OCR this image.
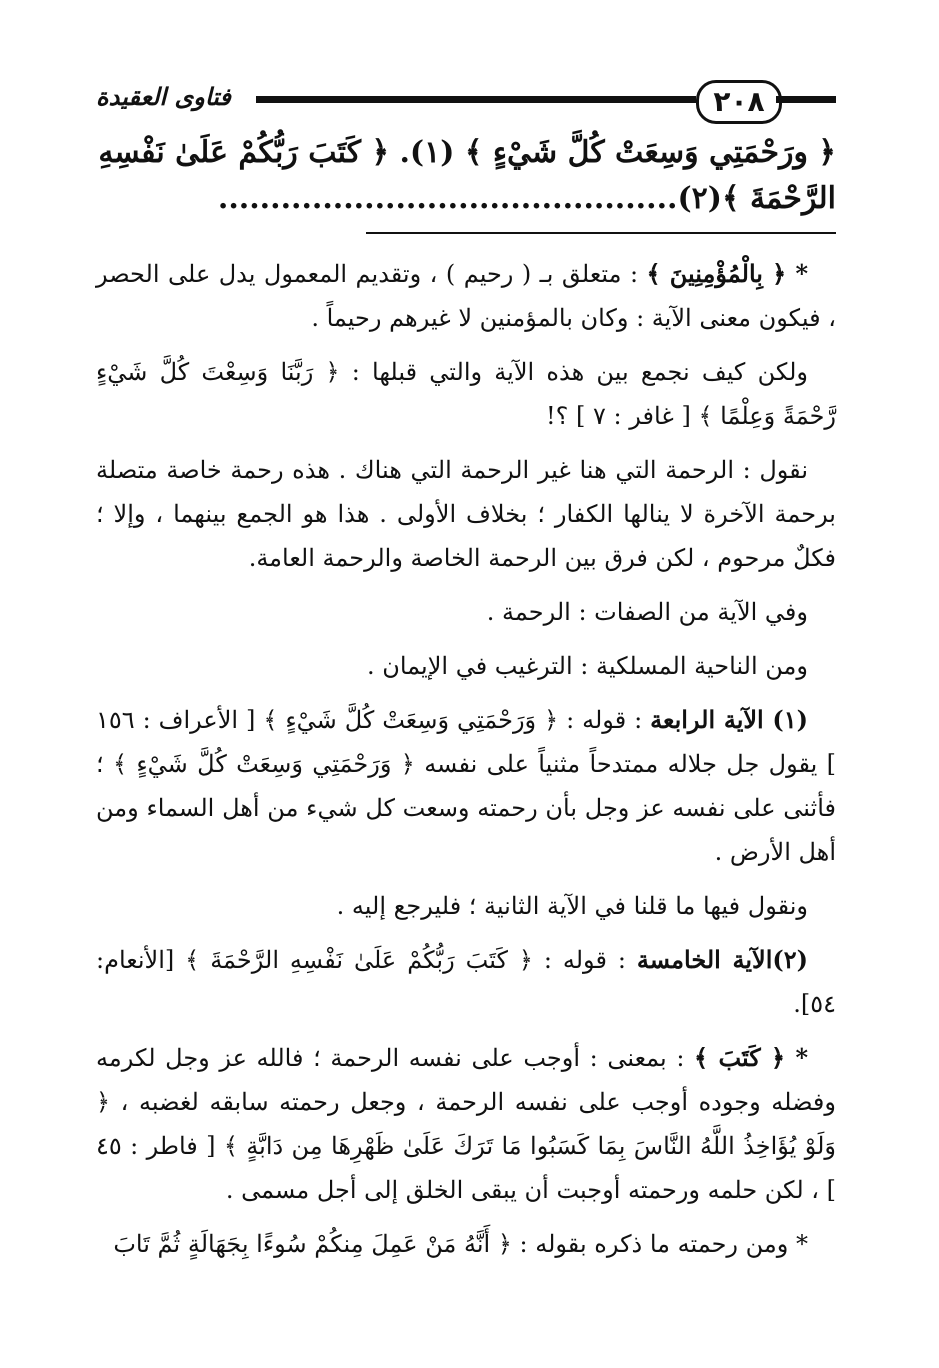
فتاوى العقيدة	٢٠٨

﴿ ورَحْمَتِي وَسِعَتْ كُلَّ شَيْءٍ ﴾ (١). ﴿ كَتَبَ رَبُّكُمْ عَلَىٰ نَفْسِهِ

الرَّحْمَةَ ﴾(٢)............................................

* ﴿ بِالْمُؤْمِنِينَ ﴾ : متعلق بـ ( رحيم ) ، وتقديم المعمول يدل على الحصر ، فيكون معنى الآية : وكان بالمؤمنين لا غيرهم رحيماً .

ولكن كيف نجمع بين هذه الآية والتي قبلها : ﴿ رَبَّنَا وَسِعْتَ كُلَّ شَيْءٍ رَّحْمَةً وَعِلْمًا ﴾ [ غافر : ٧ ] ؟!

نقول : الرحمة التي هنا غير الرحمة التي هناك . هذه رحمة خاصة متصلة برحمة الآخرة لا ينالها الكفار ؛ بخلاف الأولى . هذا هو الجمع بينهما ، وإلا ؛ فكلٌ مرحوم ، لكن فرق بين الرحمة الخاصة والرحمة العامة.

وفي الآية من الصفات : الرحمة .

ومن الناحية المسلكية : الترغيب في الإيمان .

(١) الآية الرابعة : قوله : ﴿ وَرَحْمَتِي وَسِعَتْ كُلَّ شَيْءٍ ﴾ [ الأعراف : ١٥٦ ] يقول جل جلاله ممتدحاً مثنياً على نفسه ﴿ وَرَحْمَتِي وَسِعَتْ كُلَّ شَيْءٍ ﴾ ؛ فأثنى على نفسه عز وجل بأن رحمته وسعت كل شيء من أهل السماء ومن أهل الأرض .

ونقول فيها ما قلنا في الآية الثانية ؛ فليرجع إليه .

(٢)الآية الخامسة : قوله : ﴿ كَتَبَ رَبُّكُمْ عَلَىٰ نَفْسِهِ الرَّحْمَةَ ﴾ [الأنعام: ٥٤].

* ﴿ كَتَبَ ﴾ : بمعنى : أوجب على نفسه الرحمة ؛ فالله عز وجل لكرمه وفضله وجوده أوجب على نفسه الرحمة ، وجعل رحمته سابقه لغضبه ، ﴿ وَلَوْ يُؤَاخِذُ اللَّهُ النَّاسَ بِمَا كَسَبُوا مَا تَرَكَ عَلَىٰ ظَهْرِهَا مِن دَابَّةٍ ﴾ [ فاطر : ٤٥ ] ، لكن حلمه ورحمته أوجبت أن يبقى الخلق إلى أجل مسمى .

* ومن رحمته ما ذكره بقوله : ﴿ أَنَّهُ مَنْ عَمِلَ مِنكُمْ سُوءًا بِجَهَالَةٍ ثُمَّ تَابَ
